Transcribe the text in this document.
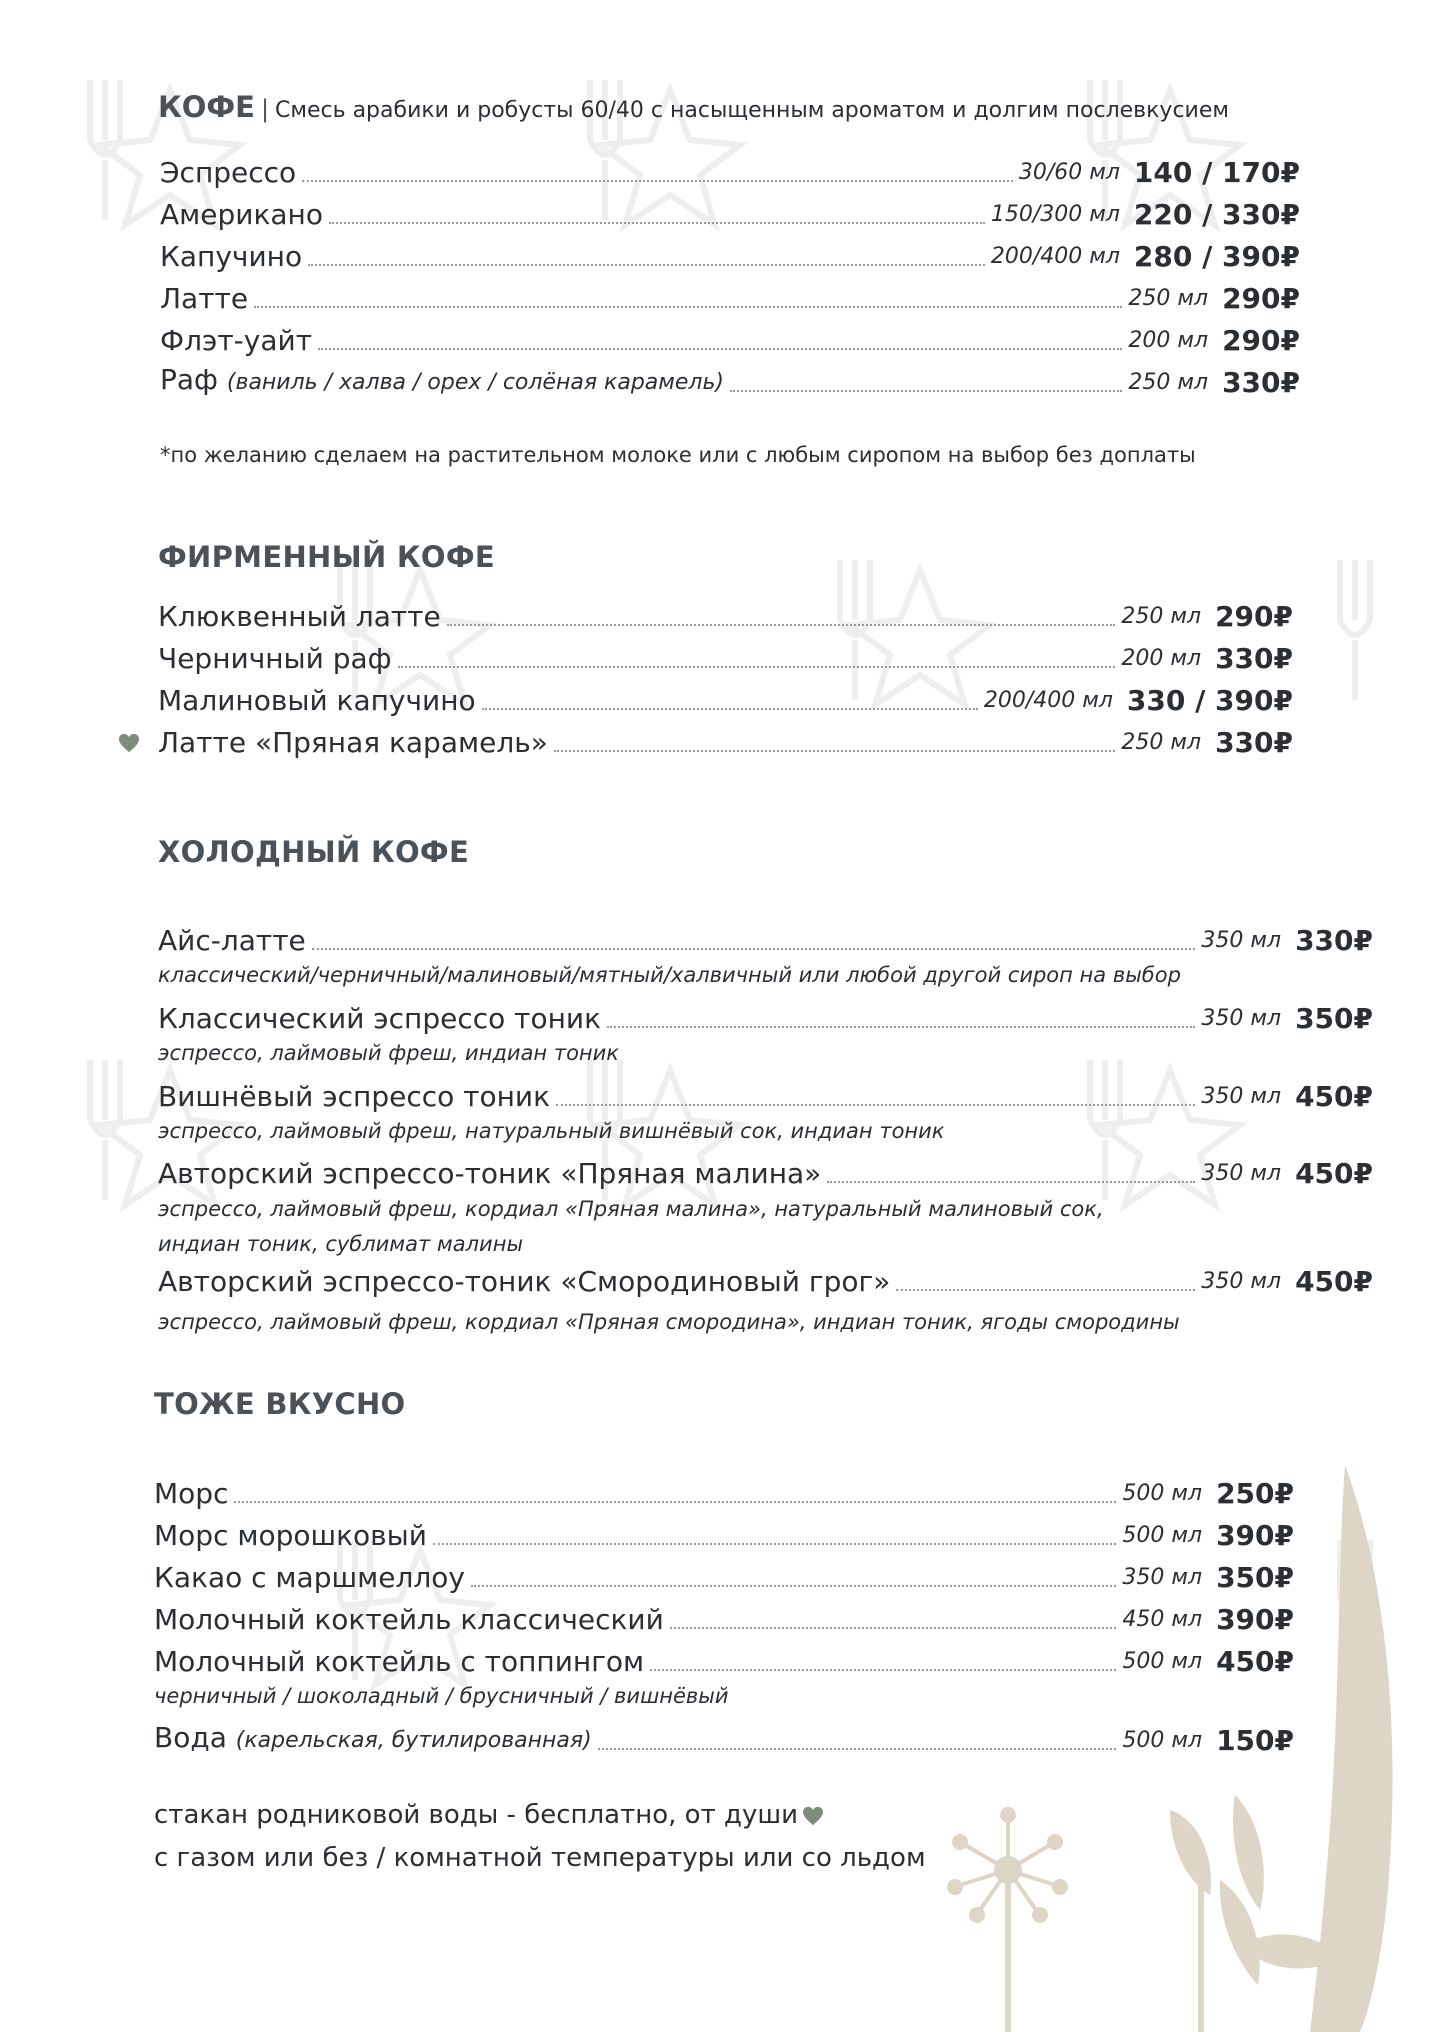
КОФЕ | Смесь арабики и робусты 60/40 с насыщенным ароматом и долгим послевкусием
Эспрессо	30/60 мл 140 / 170₽
Американо	150/300 мл 220 / 330₽
Капучино	200/400 мл 280 / 390₽
Латте	250 мл 290₽
Флэт-уайт	200 мл 290₽
Раф (ваниль / халва / орех / солёная карамель)	250 мл 330₽
*по желанию сделаем на растительном молоке или с любым сиропом на выбор без доплаты
ФИРМЕННЫЙ КОФЕ
Клюквенный латте	250 мл 290₽
Черничный раф	200 мл 330₽
Малиновый капучино	200/400 мл 330 / 390₽
Латте «Пряная карамель»	250 мл 330₽
ХОЛОДНЫЙ КОФЕ
Айс-латте	350 мл 330₽
классический/черничный/малиновый/мятный/халвичный или любой другой сироп на выбор
Классический эспрессо тоник	350 мл 350₽
эспрессо, лаймовый фреш, индиан тоник
Вишнёвый эспрессо тоник	350 мл 450₽
эспрессо, лаймовый фреш, натуральный вишнёвый сок, индиан тоник
Авторский эспрессо-тоник «Пряная малина»	350 мл 450₽
эспрессо, лаймовый фреш, кордиал «Пряная малина», натуральный малиновый сок,
индиан тоник, сублимат малины
Авторский эспрессо-тоник «Смородиновый грог»	350 мл 450₽
эспрессо, лаймовый фреш, кордиал «Пряная смородина», индиан тоник, ягоды смородины
ТОЖЕ ВКУСНО
Морс	500 мл 250₽
Морс морошковый	500 мл 390₽
Какао с маршмеллоу	350 мл 350₽
Молочный коктейль классический	450 мл 390₽
Молочный коктейль с топпингом	500 мл 450₽
черничный / шоколадный / брусничный / вишнёвый
Вода (карельская, бутилированная)	500 мл 150₽
стакан родниковой воды - бесплатно, от души
с газом или без / комнатной температуры или со льдом
